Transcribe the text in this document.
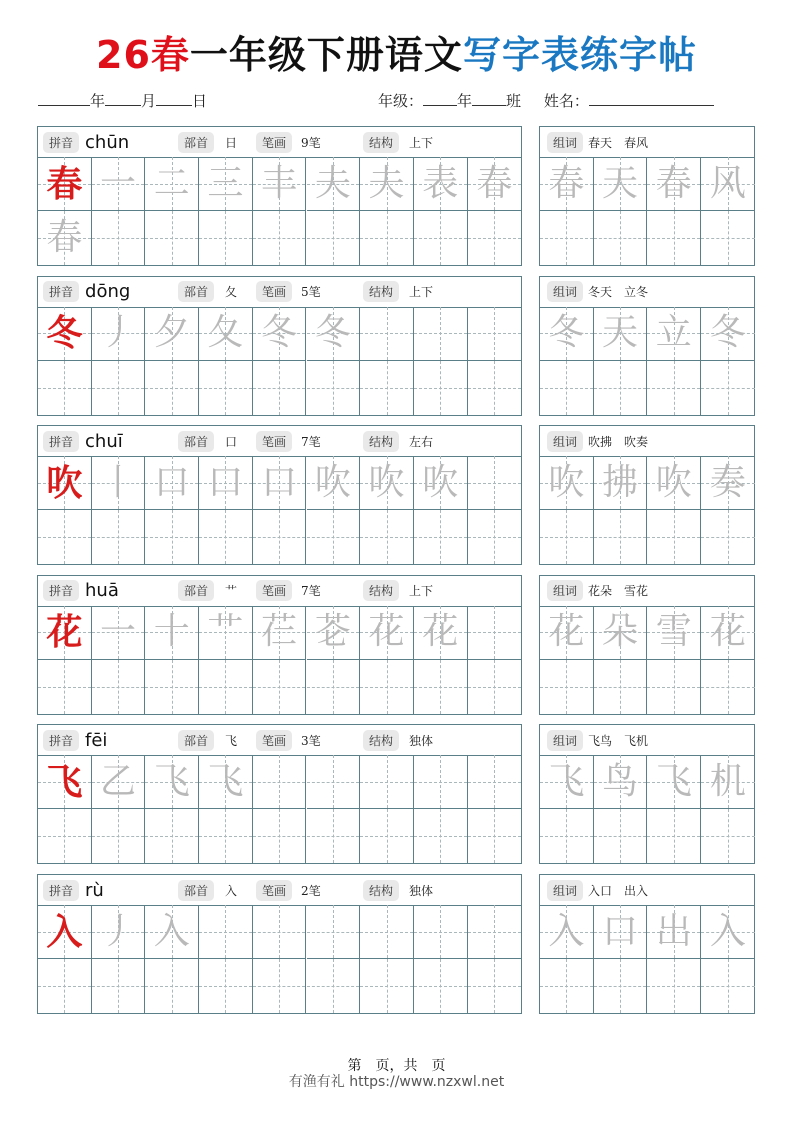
26春一年级下册语文写字表练字帖
年 月 日	年级： 年 班 姓名：
拼音 chūn	部首	日	笔画	9笔	结构	上下
春 一 二 三 丰 夫 夫 表 春
春
组词 春天　春风
春 天 春 风
拼音 dōng	部首	夂	笔画	5笔	结构	上下
冬 丿 夕 夂 冬 冬
组词 冬天　立冬
冬 天 立 冬
拼音 chuī	部首	口	笔画	7笔	结构	左右
吹 丨 口 口 口 吹 吹 吹
组词 吹拂　吹奏
吹 拂 吹 奏
拼音 huā	部首	艹	笔画	7笔	结构	上下
花 一 十 艹 芢 芲 花 花
组词 花朵　雪花
花 朵 雪 花
拼音 fēi	部首	飞	笔画	3笔	结构	独体
飞 乙 飞 飞
组词 飞鸟　飞机
飞 鸟 飞 机
拼音 rù	部首	入	笔画	2笔	结构	独体
入 丿 入
组词 入口　出入
入 口 出 入
第　页，共　页
有渔有礼 https://www.nzxwl.net
